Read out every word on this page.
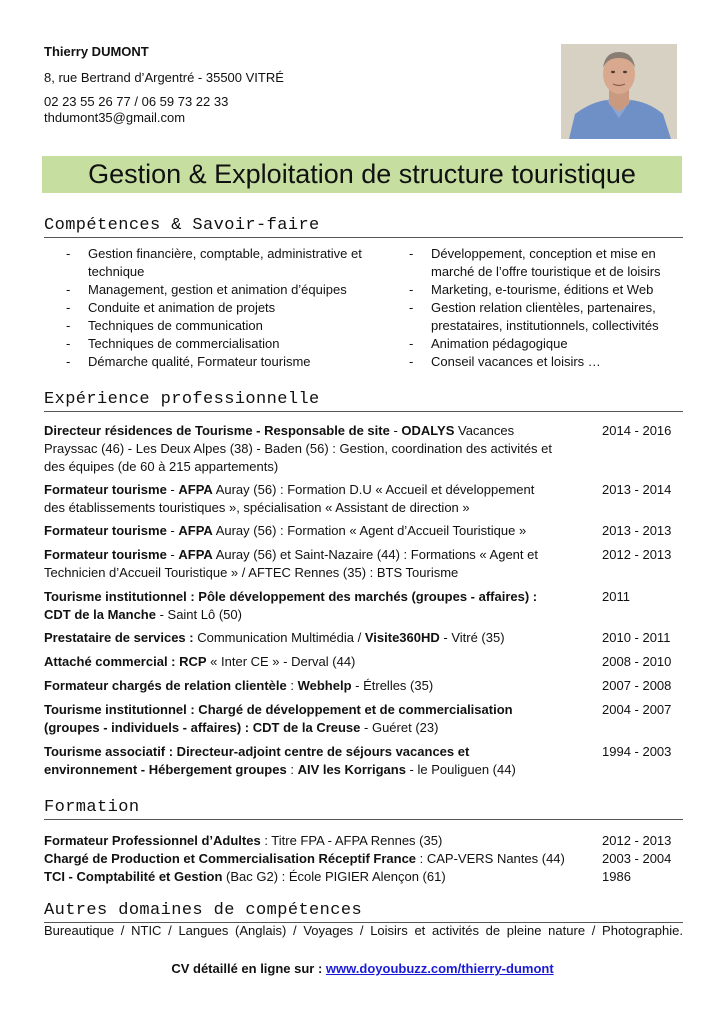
Thierry DUMONT
8, rue Bertrand d’Argentré - 35500 VITRÉ
02 23 55 26 77 / 06 59 73 22 33
thdumont35@gmail.com
Gestion & Exploitation de structure touristique
Compétences & Savoir-faire
- Gestion financière, comptable, administrative et technique
- Management, gestion et animation d’équipes
- Conduite et animation de projets
- Techniques de communication
- Techniques de commercialisation
- Démarche qualité, Formateur tourisme
- Développement, conception et mise en marché de l’offre touristique et de loisirs
- Marketing, e-tourisme, éditions et Web
- Gestion relation clientèles, partenaires, prestataires, institutionnels, collectivités
- Animation pédagogique
- Conseil vacances et loisirs …
Expérience professionnelle
Directeur résidences de Tourisme - Responsable de site - ODALYS Vacances Prayssac (46) - Les Deux Alpes (38) - Baden (56) : Gestion, coordination des activités et des équipes (de 60 à 215 appartements)
2014 - 2016
Formateur tourisme - AFPA Auray (56) : Formation D.U « Accueil et développement des établissements touristiques », spécialisation « Assistant de direction »
2013 - 2014
Formateur tourisme - AFPA Auray (56) : Formation « Agent d’Accueil Touristique »	2013 - 2013
Formateur tourisme - AFPA Auray (56) et Saint-Nazaire (44) : Formations « Agent et Technicien d’Accueil Touristique » / AFTEC Rennes (35) : BTS Tourisme
2012 - 2013
Tourisme institutionnel : Pôle développement des marchés (groupes - affaires) : CDT de la Manche - Saint Lô (50)
2011
Prestataire de services : Communication Multimédia / Visite360HD - Vitré (35)	2010 - 2011
Attaché commercial : RCP « Inter CE » - Derval (44)	2008 - 2010
Formateur chargés de relation clientèle : Webhelp - Étrelles (35)	2007 - 2008
Tourisme institutionnel : Chargé de développement et de commercialisation (groupes - individuels - affaires) : CDT de la Creuse - Guéret (23)
2004 - 2007
Tourisme associatif : Directeur-adjoint centre de séjours vacances et environnement - Hébergement groupes : AIV les Korrigans - le Pouliguen (44)
1994 - 2003
Formation
Formateur Professionnel d’Adultes : Titre FPA - AFPA Rennes (35)	2012 - 2013
Chargé de Production et Commercialisation Réceptif France : CAP-VERS Nantes (44)	2003 - 2004
TCI - Comptabilité et Gestion (Bac G2) : École PIGIER Alençon (61)	1986
Autres domaines de compétences
Bureautique / NTIC / Langues (Anglais) / Voyages / Loisirs et activités de pleine nature / Photographie.
CV détaillé en ligne sur : www.doyoubuzz.com/thierry-dumont
